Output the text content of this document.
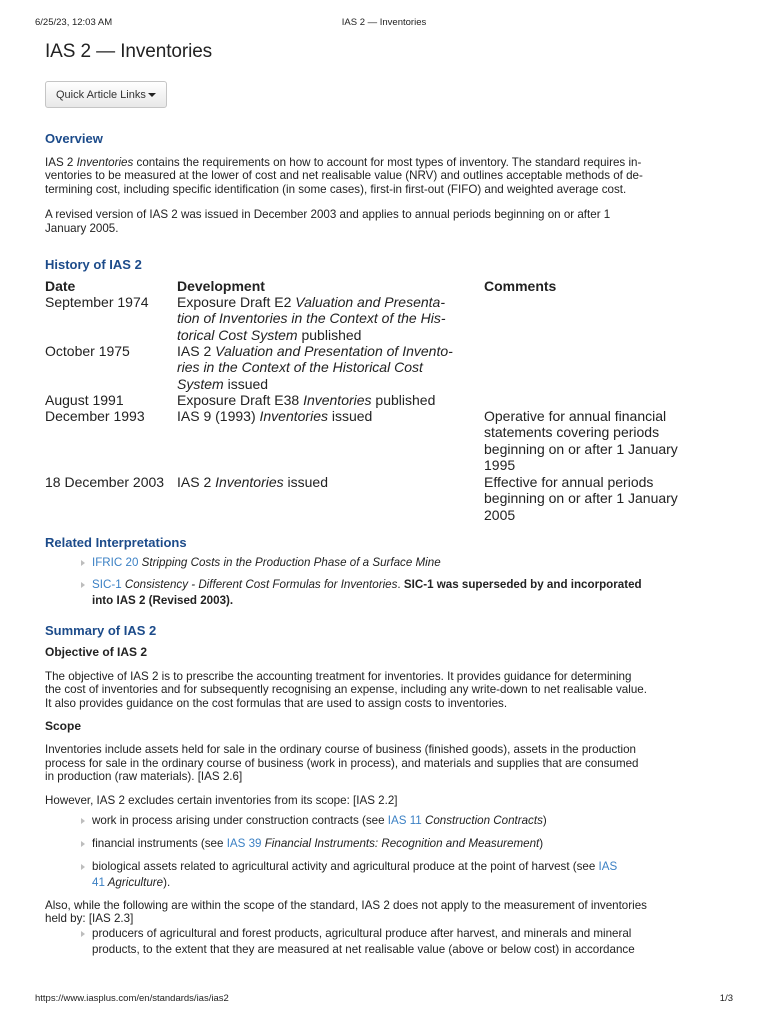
6/25/23, 12:03 AM	IAS 2 — Inventories
IAS 2 — Inventories
Quick Article Links
Overview

IAS 2 Inventories contains the requirements on how to account for most types of inventory. The standard requires in-
ventories to be measured at the lower of cost and net realisable value (NRV) and outlines acceptable methods of de-
termining cost, including specific identification (in some cases), first-in first-out (FIFO) and weighted average cost.

A revised version of IAS 2 was issued in December 2003 and applies to annual periods beginning on or after 1
January 2005.

History of IAS 2
Date	Development	Comments
September 1974 Exposure Draft E2 Valuation and Presenta-
tion of Inventories in the Context of the His-
torical Cost System published
October 1975	IAS 2 Valuation and Presentation of Invento-
ries in the Context of the Historical Cost
System issued
August 1991	Exposure Draft E38 Inventories published
December 1993 IAS 9 (1993) Inventories issued	Operative for annual financial
statements covering periods
beginning on or after 1 January
1995
18 December 2003 IAS 2 Inventories issued	Effective for annual periods
beginning on or after 1 January
2005
Related Interpretations
IFRIC 20 Stripping Costs in the Production Phase of a Surface Mine
SIC-1 Consistency - Different Cost Formulas for Inventories. SIC-1 was superseded by and incorporated
into IAS 2 (Revised 2003).
Summary of IAS 2
Objective of IAS 2

The objective of IAS 2 is to prescribe the accounting treatment for inventories. It provides guidance for determining
the cost of inventories and for subsequently recognising an expense, including any write-down to net realisable value.
It also provides guidance on the cost formulas that are used to assign costs to inventories.

Scope

Inventories include assets held for sale in the ordinary course of business (finished goods), assets in the production
process for sale in the ordinary course of business (work in process), and materials and supplies that are consumed
in production (raw materials). [IAS 2.6]

However, IAS 2 excludes certain inventories from its scope: [IAS 2.2]

work in process arising under construction contracts (see IAS 11 Construction Contracts)
financial instruments (see IAS 39 Financial Instruments: Recognition and Measurement)
biological assets related to agricultural activity and agricultural produce at the point of harvest (see IAS
41 Agriculture).

Also, while the following are within the scope of the standard, IAS 2 does not apply to the measurement of inventories
held by: [IAS 2.3]

producers of agricultural and forest products, agricultural produce after harvest, and minerals and mineral
products, to the extent that they are measured at net realisable value (above or below cost) in accordance
https://www.iasplus.com/en/standards/ias/ias2	1/3
